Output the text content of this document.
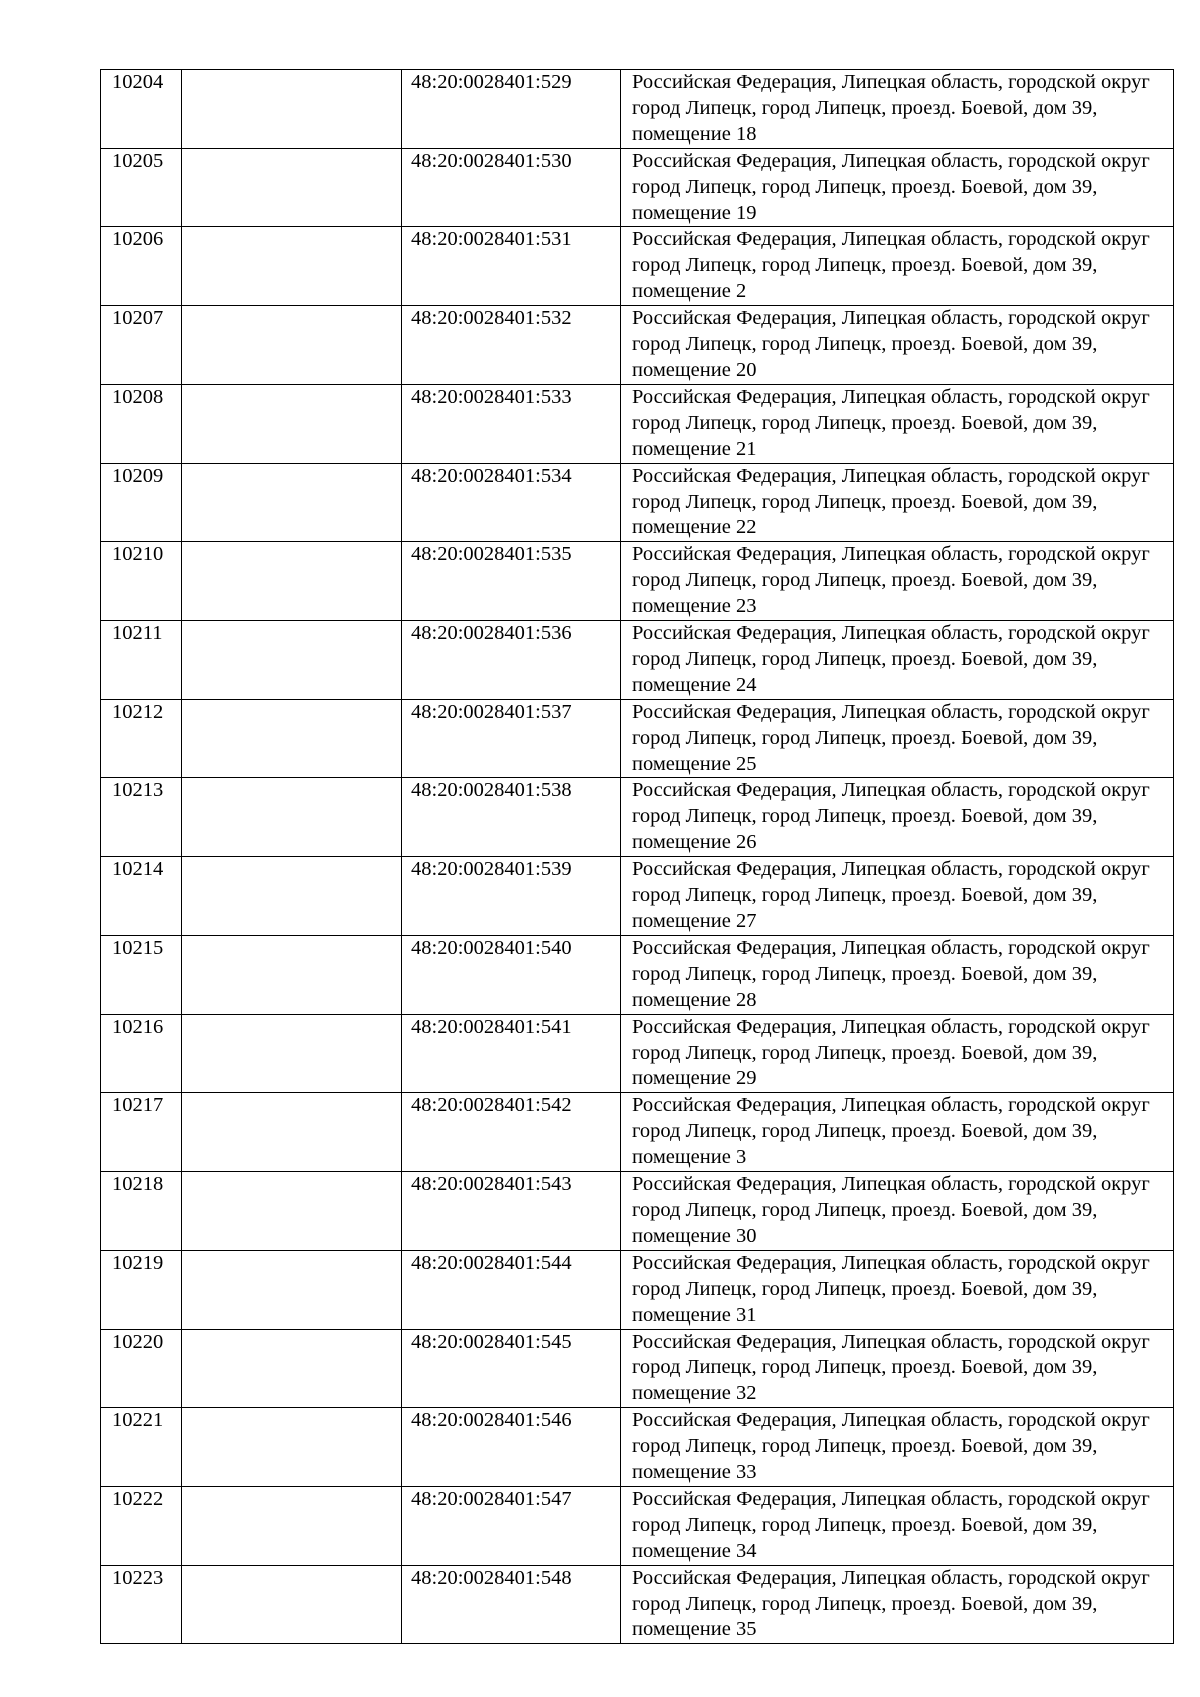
10204		48:20:0028401:529	Российская Федерация, Липецкая область, городской округ город Липецк, город Липецк, проезд. Боевой, дом 39, помещение 18
10205		48:20:0028401:530	Российская Федерация, Липецкая область, городской округ город Липецк, город Липецк, проезд. Боевой, дом 39, помещение 19
10206		48:20:0028401:531	Российская Федерация, Липецкая область, городской округ город Липецк, город Липецк, проезд. Боевой, дом 39, помещение 2
10207		48:20:0028401:532	Российская Федерация, Липецкая область, городской округ город Липецк, город Липецк, проезд. Боевой, дом 39, помещение 20
10208		48:20:0028401:533	Российская Федерация, Липецкая область, городской округ город Липецк, город Липецк, проезд. Боевой, дом 39, помещение 21
10209		48:20:0028401:534	Российская Федерация, Липецкая область, городской округ город Липецк, город Липецк, проезд. Боевой, дом 39, помещение 22
10210		48:20:0028401:535	Российская Федерация, Липецкая область, городской округ город Липецк, город Липецк, проезд. Боевой, дом 39, помещение 23
10211		48:20:0028401:536	Российская Федерация, Липецкая область, городской округ город Липецк, город Липецк, проезд. Боевой, дом 39, помещение 24
10212		48:20:0028401:537	Российская Федерация, Липецкая область, городской округ город Липецк, город Липецк, проезд. Боевой, дом 39, помещение 25
10213		48:20:0028401:538	Российская Федерация, Липецкая область, городской округ город Липецк, город Липецк, проезд. Боевой, дом 39, помещение 26
10214		48:20:0028401:539	Российская Федерация, Липецкая область, городской округ город Липецк, город Липецк, проезд. Боевой, дом 39, помещение 27
10215		48:20:0028401:540	Российская Федерация, Липецкая область, городской округ город Липецк, город Липецк, проезд. Боевой, дом 39, помещение 28
10216		48:20:0028401:541	Российская Федерация, Липецкая область, городской округ город Липецк, город Липецк, проезд. Боевой, дом 39, помещение 29
10217		48:20:0028401:542	Российская Федерация, Липецкая область, городской округ город Липецк, город Липецк, проезд. Боевой, дом 39, помещение 3
10218		48:20:0028401:543	Российская Федерация, Липецкая область, городской округ город Липецк, город Липецк, проезд. Боевой, дом 39, помещение 30
10219		48:20:0028401:544	Российская Федерация, Липецкая область, городской округ город Липецк, город Липецк, проезд. Боевой, дом 39, помещение 31
10220		48:20:0028401:545	Российская Федерация, Липецкая область, городской округ город Липецк, город Липецк, проезд. Боевой, дом 39, помещение 32
10221		48:20:0028401:546	Российская Федерация, Липецкая область, городской округ город Липецк, город Липецк, проезд. Боевой, дом 39, помещение 33
10222		48:20:0028401:547	Российская Федерация, Липецкая область, городской округ город Липецк, город Липецк, проезд. Боевой, дом 39, помещение 34
10223		48:20:0028401:548	Российская Федерация, Липецкая область, городской округ город Липецк, город Липецк, проезд. Боевой, дом 39, помещение 35
